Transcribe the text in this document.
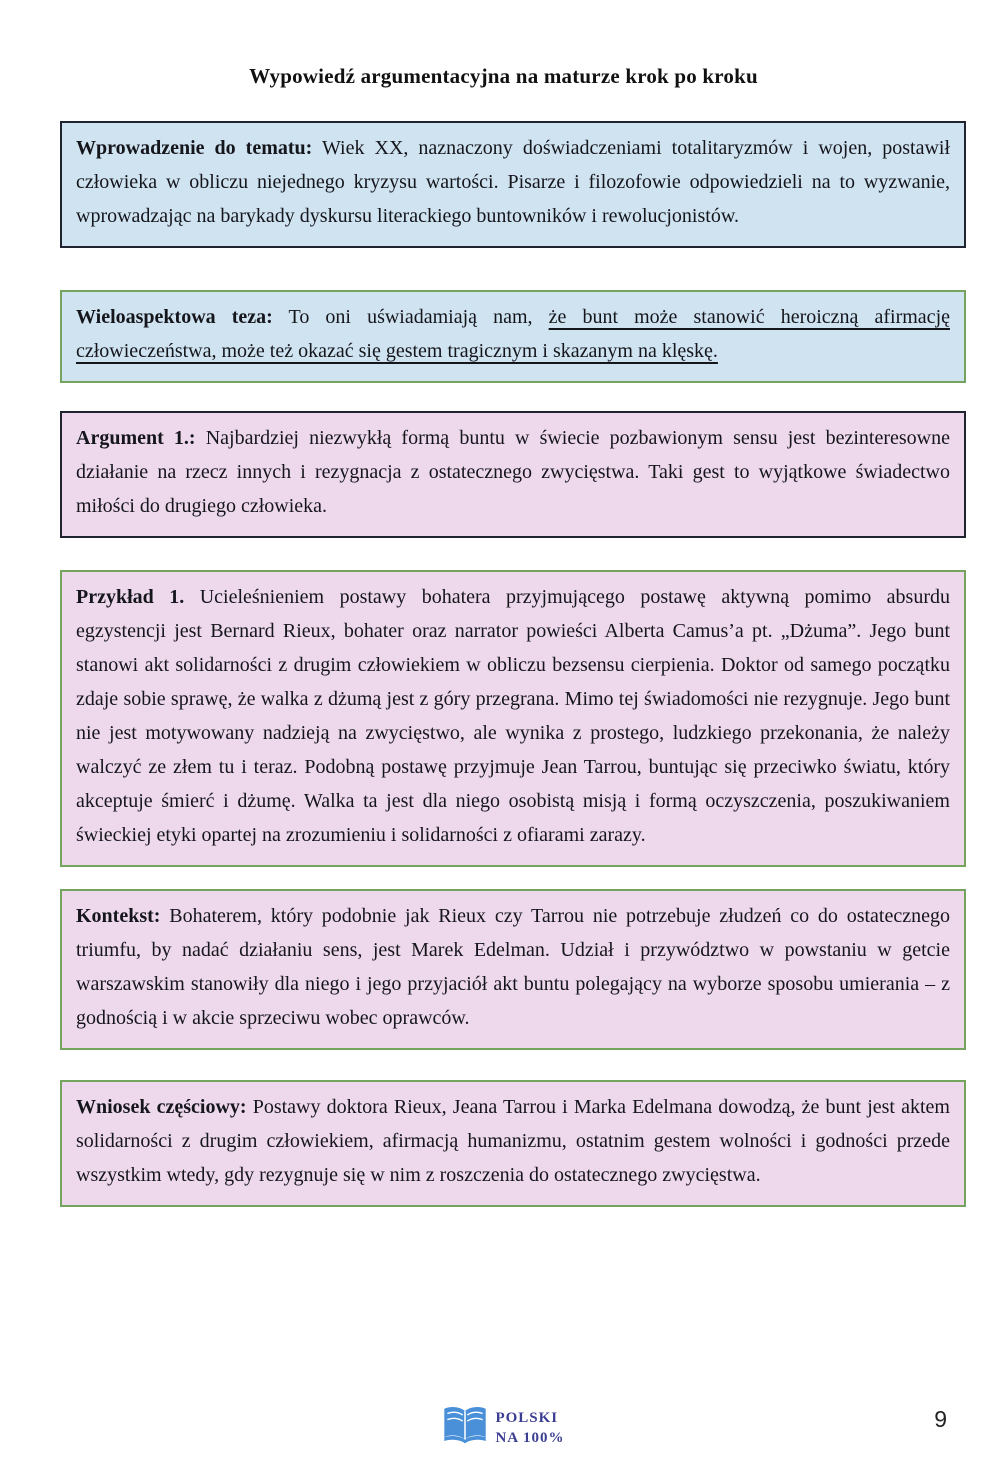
Wypowiedź argumentacyjna na maturze krok po kroku
Wprowadzenie do tematu: Wiek XX, naznaczony doświadczeniami totalitaryzmów i wojen, postawił człowieka w obliczu niejednego kryzysu wartości. Pisarze i filozofowie odpowiedzieli na to wyzwanie, wprowadzając na barykady dyskursu literackiego buntowników i rewolucjonistów.
Wieloaspektowa teza: To oni uświadamiają nam, że bunt może stanowić heroiczną afirmację człowieczeństwa, może też okazać się gestem tragicznym i skazanym na klęskę.
Argument 1.: Najbardziej niezwykłą formą buntu w świecie pozbawionym sensu jest bezinteresowne działanie na rzecz innych i rezygnacja z ostatecznego zwycięstwa. Taki gest to wyjątkowe świadectwo miłości do drugiego człowieka.
Przykład 1. Ucieleśnieniem postawy bohatera przyjmującego postawę aktywną pomimo absurdu egzystencji jest Bernard Rieux, bohater oraz narrator powieści Alberta Camus’a pt. „Dżuma”. Jego bunt stanowi akt solidarności z drugim człowiekiem w obliczu bezsensu cierpienia. Doktor od samego początku zdaje sobie sprawę, że walka z dżumą jest z góry przegrana. Mimo tej świadomości nie rezygnuje. Jego bunt nie jest motywowany nadzieją na zwycięstwo, ale wynika z prostego, ludzkiego przekonania, że należy walczyć ze złem tu i teraz. Podobną postawę przyjmuje Jean Tarrou, buntując się przeciwko światu, który akceptuje śmierć i dżumę. Walka ta jest dla niego osobistą misją i formą oczyszczenia, poszukiwaniem świeckiej etyki opartej na zrozumieniu i solidarności z ofiarami zarazy.
Kontekst: Bohaterem, który podobnie jak Rieux czy Tarrou nie potrzebuje złudzeń co do ostatecznego triumfu, by nadać działaniu sens, jest Marek Edelman. Udział i przywództwo w powstaniu w getcie warszawskim stanowiły dla niego i jego przyjaciół akt buntu polegający na wyborze sposobu umierania – z godnością i w akcie sprzeciwu wobec oprawców.
Wniosek częściowy: Postawy doktora Rieux, Jeana Tarrou i Marka Edelmana dowodzą, że bunt jest aktem solidarności z drugim człowiekiem, afirmacją humanizmu, ostatnim gestem wolności i godności przede wszystkim wtedy, gdy rezygnuje się w nim z roszczenia do ostatecznego zwycięstwa.
POLSKI
NA 100%
9
